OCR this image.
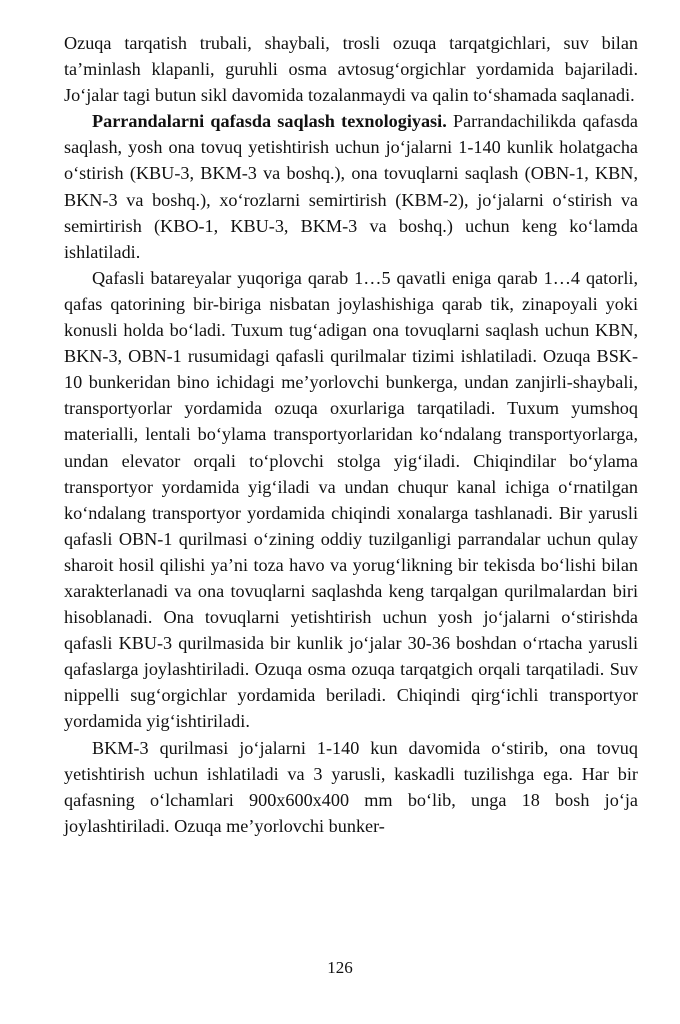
Ozuqa tarqatish trubali, shaybali, trosli ozuqa tarqatgichlari, suv bilan ta’minlash klapanli, guruhli osma avtosug‘orgichlar yordamida bajariladi. Jo‘jalar tagi butun sikl davomida tozalanmaydi va qalin to‘shamada saqlanadi.

Parrandalarni qafasda saqlash texnologiyasi. Parrandachilikda qafasda saqlash, yosh ona tovuq yetishtirish uchun jo‘jalarni 1-140 kunlik holatgacha o‘stirish (KBU-3, BKM-3 va boshq.), ona tovuqlarni saqlash (OBN-1, KBN, BKN-3 va boshq.), xo‘rozlarni semirtirish (KBM-2), jo‘jalarni o‘stirish va semirtirish (KBO-1, KBU-3, BKM-3 va boshq.) uchun keng ko‘lamda ishlatiladi.

Qafasli batareyalar yuqoriga qarab 1…5 qavatli eniga qarab 1…4 qatorli, qafas qatorining bir-biriga nisbatan joylashishiga qarab tik, zinapoyali yoki konusli holda bo‘ladi. Tuxum tug‘adigan ona tovuqlarni saqlash uchun KBN, BKN-3, OBN-1 rusumidagi qafasli qurilmalar tizimi ishlatiladi. Ozuqa BSK-10 bunkeridan bino ichidagi me’yorlovchi bunkerga, undan zanjirli-shaybali, transportyorlar yordamida ozuqa oxurlariga tarqatiladi. Tuxum yumshoq materialli, lentali bo‘ylama transportyorlaridan ko‘ndalang transportyorlarga, undan elevator orqali to‘plovchi stolga yig‘iladi. Chiqindilar bo‘ylama transportyor yordamida yig‘iladi va undan chuqur kanal ichiga o‘rnatilgan ko‘ndalang transportyor yordamida chiqindi xonalarga tashlanadi. Bir yarusli qafasli OBN-1 qurilmasi o‘zining oddiy tuzilganligi parrandalar uchun qulay sharoit hosil qilishi ya’ni toza havo va yorug‘likning bir tekisda bo‘lishi bilan xarakterlanadi va ona tovuqlarni saqlashda keng tarqalgan qurilmalardan biri hisoblanadi. Ona tovuqlarni yetishtirish uchun yosh jo‘jalarni o‘stirishda qafasli KBU-3 qurilmasida bir kunlik jo‘jalar 30-36 boshdan o‘rtacha yarusli qafaslarga joylashtiriladi. Ozuqa osma ozuqa tarqatgich orqali tarqatiladi. Suv nippelli sug‘orgichlar yordamida beriladi. Chiqindi qirg‘ichli transportyor yordamida yig‘ishtiriladi.

BKM-3 qurilmasi jo‘jalarni 1-140 kun davomida o‘stirib, ona tovuq yetishtirish uchun ishlatiladi va 3 yarusli, kaskadli tuzilishga ega. Har bir qafasning o‘lchamlari 900x600x400 mm bo‘lib, unga 18 bosh jo‘ja joylashtiriladi. Ozuqa me’yorlovchi bunker-

126
